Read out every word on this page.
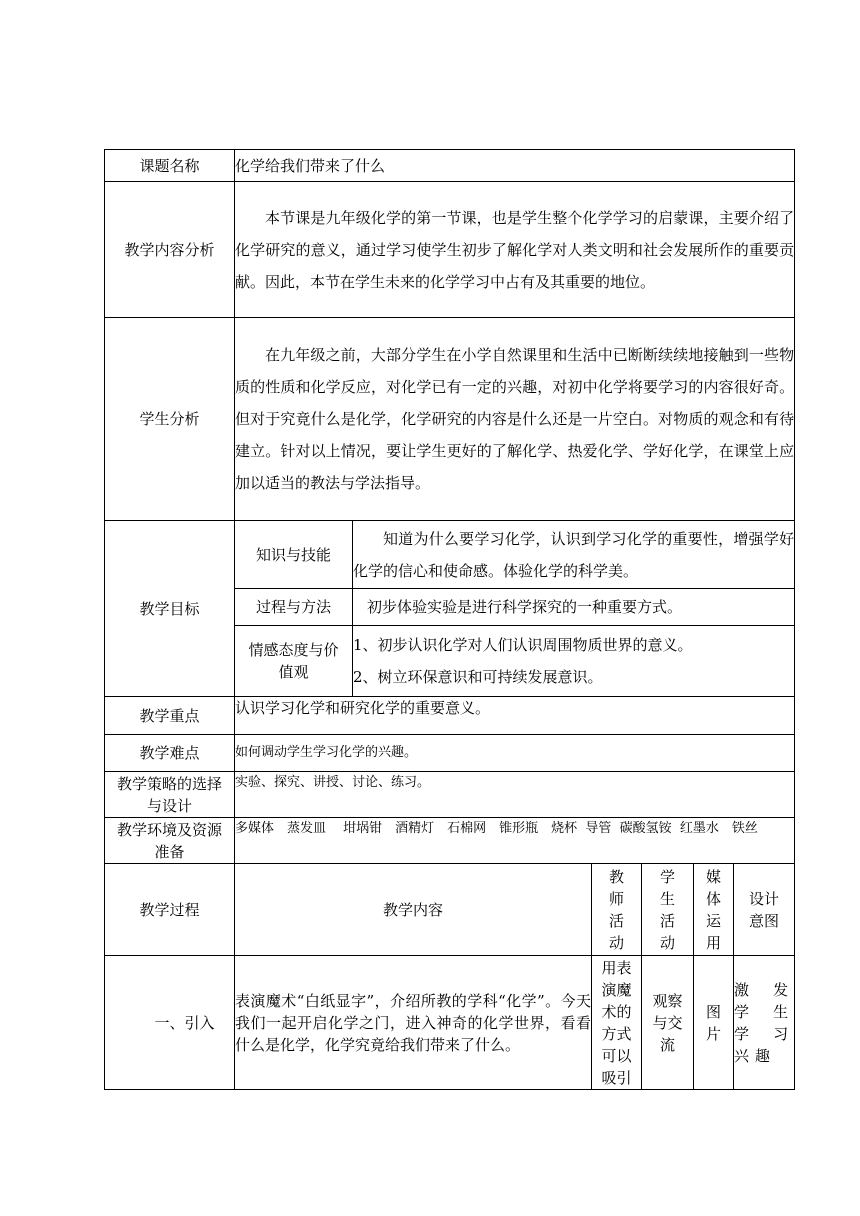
课题名称	化学给我们带来了什么					
教学内容分析	本节课是九年级化学的第一节课，也是学生整个化学学习的启蒙课，主要介绍了化学研究的意义，通过学习使学生初步了解化学对人类文明和社会发展所作的重要贡献。因此，本节在学生未来的化学学习中占有及其重要的地位。					

学生分析	在九年级之前，大部分学生在小学自然课里和生活中已断断续续地接触到一些物质的性质和化学反应，对化学已有一定的兴趣，对初中化学将要学习的内容很好奇。但对于究竟什么是化学，化学研究的内容是什么还是一片空白。对物质的观念和有待建立。针对以上情况，要让学生更好的了解化学、热爱化学、学好化学，在课堂上应加以适当的教法与学法指导。					

教学目标	知识与技能	知道为什么要学习化学，认识到学习化学的重要性，增强学好化学的信心和使命感。体验化学的科学美。				

	过程与方法	初步体验实验是进行科学探究的一种重要方式。				
	情感态度与价值观	1、初步认识化学对人们认识周围物质世界的意义。
2、树立环保意识和可持续发展意识。				

教学重点	认识学习化学和研究化学的重要意义。					
教学难点	如何调动学生学习化学的兴趣。					
教学策略的选择与设计	实验、探究、讲授、讨论、练习。					
教学环境及资源准备	多媒体　蒸发皿　 坩埚钳　酒精灯　石棉网　锥形瓶　烧杯  导管  碳酸氢铵  红墨水　铁丝					
教学过程	教学内容		教师活动	学生活动	媒体运用	设计意图
一、引入	表演魔术“白纸显字”，介绍所教的学科“化学”。今天我们一起开启化学之门，进入神奇的化学世界，看看什么是化学，化学究竟给我们带来了什么。		用表演魔术的方式可以吸引	观察与交流	图片	激发学生学习兴趣
